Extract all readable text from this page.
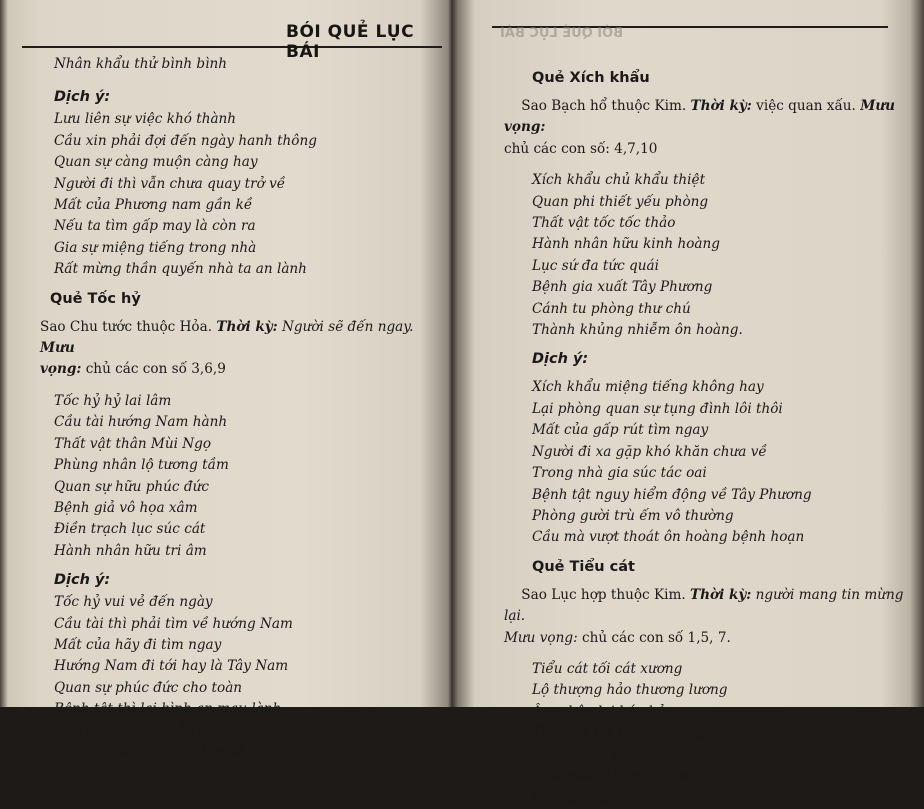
BÓI QUẺ LỤC BÁI
Nhân khẩu thử bình bình
Dịch ý:
Lưu liên sự việc khó thành
Cầu xin phải đợi đến ngày hanh thông
Quan sự càng muộn càng hay
Người đi thì vẫn chưa quay trở về
Mất của Phương nam gần kề
Nếu ta tìm gấp may là còn ra
Gia sự miệng tiếng trong nhà
Rất mừng thần quyến nhà ta an lành
Quẻ Tốc hỷ
Sao Chu tước thuộc Hỏa. Thời kỳ: Người sẽ đến ngay. Mưu
vọng: chủ các con số 3,6,9
Tốc hỷ hỷ lai lâm
Cầu tài hướng Nam hành
Thất vật thân Mùi Ngọ
Phùng nhân lộ tương tầm
Quan sự hữu phúc đức
Bệnh giả vô họa xâm
Điền trạch lục súc cát
Hành nhân hữu tri âm
Dịch ý:
Tốc hỷ vui vẻ đến ngày
Cầu tài thì phải tìm về hướng Nam
Mất của hãy đi tìm ngay
Hướng Nam đi tới hay là Tây Nam
Quan sự phúc đức cho toàn
Bệnh tật thì lại bình an mau lành
Nhà cửa gia súc vẫn an
Người đi xa đã có tin tìm về
BÓI QUẺ LỤC BÁI
Quẻ Xích khẩu
Sao Bạch hổ thuộc Kim. Thời kỳ: việc quan xấu. Mưu vọng:
chủ các con số: 4,7,10
Xích khẩu chủ khẩu thiệt
Quan phi thiết yếu phòng
Thất vật tốc tốc thảo
Hành nhân hữu kinh hoàng
Lục sứ đa tức quái
Bệnh gia xuất Tây Phương
Cánh tu phòng thư chú
Thành khủng nhiễm ôn hoàng.
Dịch ý:
Xích khẩu miệng tiếng không hay
Lại phòng quan sự tụng đình lôi thôi
Mất của gấp rút tìm ngay
Người đi xa gặp khó khăn chưa về
Trong nhà gia súc tác oai
Bệnh tật nguy hiểm động về Tây Phương
Phòng gười trù ếm vô thường
Cầu mà vượt thoát ôn hoàng bệnh hoạn
Quẻ Tiểu cát
Sao Lục hợp thuộc Kim. Thời kỳ: người mang tin mừng lại.
Mưu vọng: chủ các con số 1,5, 7.
Tiểu cát tối cát xương
Lộ thượng hảo thương lương
Âm nhân lai báo hỷ
Thất vật tại khôn phương
Hành nhân tức tiện chí
Giao quan thậm thị cường
Phòng sự giai hòa hợp
